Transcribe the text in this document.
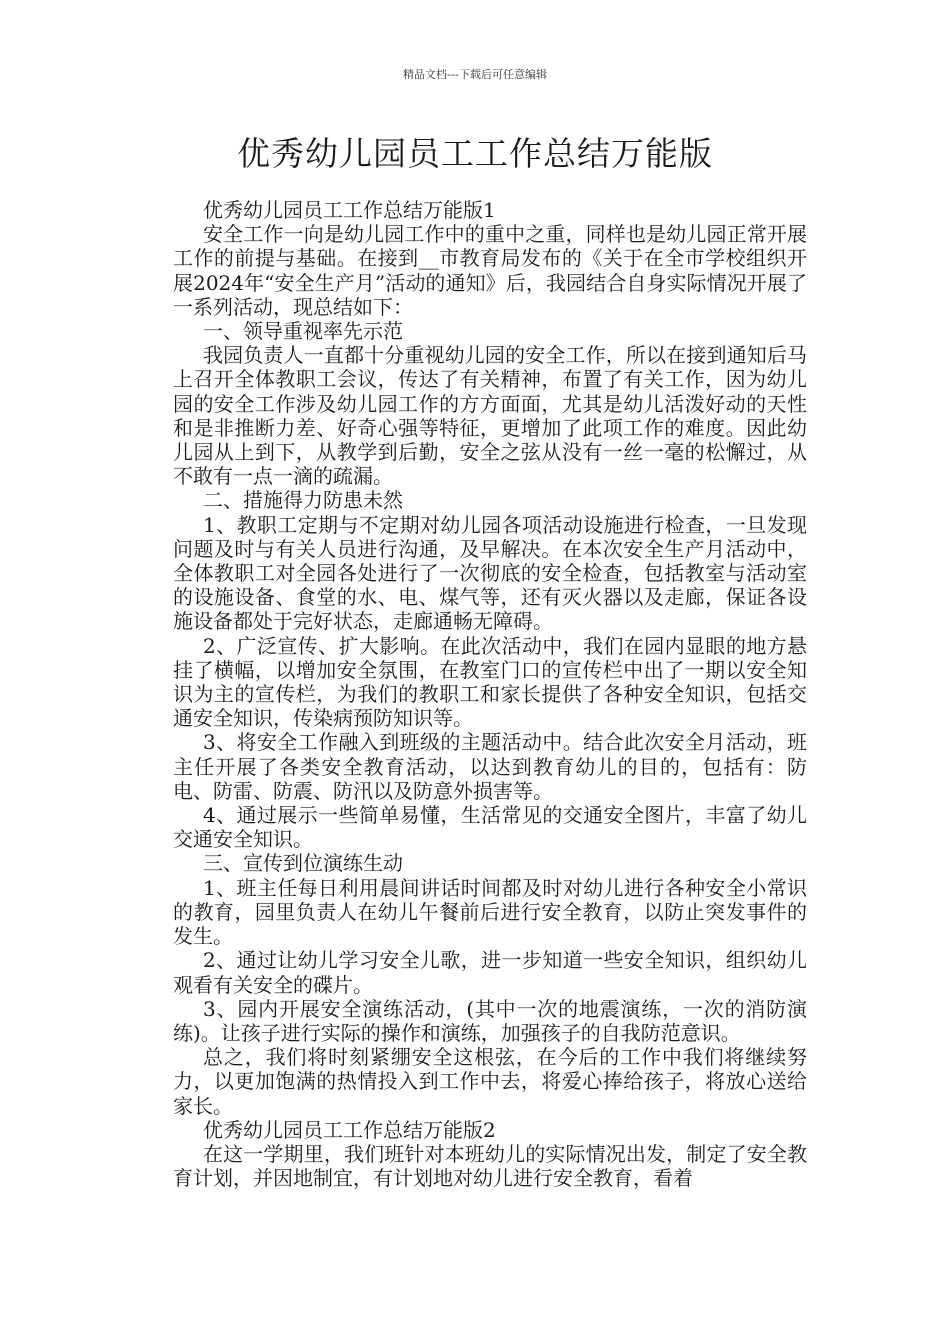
精品文档---下载后可任意编辑
优秀幼儿园员工工作总结万能版

优秀幼儿园员工工作总结万能版1

安全工作一向是幼儿园工作中的重中之重，同样也是幼儿园正常开展工作的前提与基础。在接到__市教育局发布的《关于在全市学校组织开展2024年“安全生产月”活动的通知》后，我园结合自身实际情况开展了一系列活动，现总结如下：

一、领导重视率先示范

我园负责人一直都十分重视幼儿园的安全工作，所以在接到通知后马上召开全体教职工会议，传达了有关精神，布置了有关工作，因为幼儿园的安全工作涉及幼儿园工作的方方面面，尤其是幼儿活泼好动的天性和是非推断力差、好奇心强等特征，更增加了此项工作的难度。因此幼儿园从上到下，从教学到后勤，安全之弦从没有一丝一毫的松懈过，从不敢有一点一滴的疏漏。

二、措施得力防患未然

1、教职工定期与不定期对幼儿园各项活动设施进行检查，一旦发现问题及时与有关人员进行沟通，及早解决。在本次安全生产月活动中，全体教职工对全园各处进行了一次彻底的安全检查，包括教室与活动室的设施设备、食堂的水、电、煤气等，还有灭火器以及走廊，保证各设施设备都处于完好状态，走廊通畅无障碍。

2、广泛宣传、扩大影响。在此次活动中，我们在园内显眼的地方悬挂了横幅，以增加安全氛围，在教室门口的宣传栏中出了一期以安全知识为主的宣传栏，为我们的教职工和家长提供了各种安全知识，包括交通安全知识，传染病预防知识等。

3、将安全工作融入到班级的主题活动中。结合此次安全月活动，班主任开展了各类安全教育活动，以达到教育幼儿的目的，包括有：防电、防雷、防震、防汛以及防意外损害等。

4、通过展示一些简单易懂，生活常见的交通安全图片，丰富了幼儿交通安全知识。

三、宣传到位演练生动

1、班主任每日利用晨间讲话时间都及时对幼儿进行各种安全小常识的教育，园里负责人在幼儿午餐前后进行安全教育，以防止突发事件的发生。

2、通过让幼儿学习安全儿歌，进一步知道一些安全知识，组织幼儿观看有关安全的碟片。

3、园内开展安全演练活动，(其中一次的地震演练，一次的消防演练)。让孩子进行实际的操作和演练，加强孩子的自我防范意识。

总之，我们将时刻紧绷安全这根弦，在今后的工作中我们将继续努力，以更加饱满的热情投入到工作中去，将爱心捧给孩子，将放心送给家长。

优秀幼儿园员工工作总结万能版2

在这一学期里，我们班针对本班幼儿的实际情况出发，制定了安全教育计划，并因地制宜，有计划地对幼儿进行安全教育，看着
